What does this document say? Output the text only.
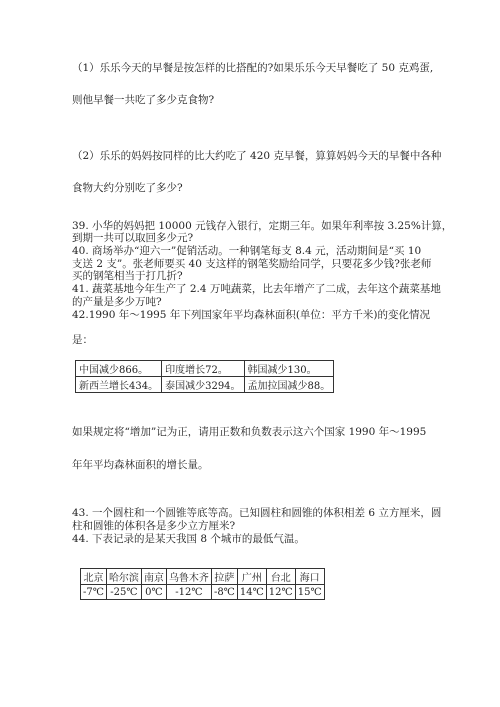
（1）乐乐今天的早餐是按怎样的比搭配的?如果乐乐今天早餐吃了 50 克鸡蛋,
则他早餐一共吃了多少克食物?
（2）乐乐的妈妈按同样的比大约吃了 420 克早餐，算算妈妈今天的早餐中各种
食物大约分别吃了多少?
39. 小华的妈妈把 10000 元钱存入银行，定期三年。如果年利率按 3.25%计算，
到期一共可以取回多少元?
40. 商场举办“迎六一”促销活动。一种钢笔每支 8.4 元，活动期间是“买 10
支送 2 支”。张老师要买 40 支这样的钢笔奖励给同学，只要花多少钱?张老师
买的钢笔相当于打几折?
41. 蔬菜基地今年生产了 2.4 万吨蔬菜，比去年增产了二成，去年这个蔬菜基地
的产量是多少万吨?
42.1990 年～1995 年下列国家年平均森林面积(单位：平方千米)的变化情况
是：
中国减少866。	印度增长72。	韩国减少130。
新西兰增长434。	泰国减少3294。	孟加拉国减少88。
如果规定将“增加”记为正，请用正数和负数表示这六个国家 1990 年～1995
年年平均森林面积的增长量。
43. 一个圆柱和一个圆锥等底等高。已知圆柱和圆锥的体积相差 6 立方厘米，圆
柱和圆锥的体积各是多少立方厘米?
44. 下表记录的是某天我国 8 个城市的最低气温。
北京	哈尔滨	南京	乌鲁木齐	拉萨	广州	台北	海口
-7℃	-25℃	0℃	-12℃	-8℃	14℃	12℃	15℃
